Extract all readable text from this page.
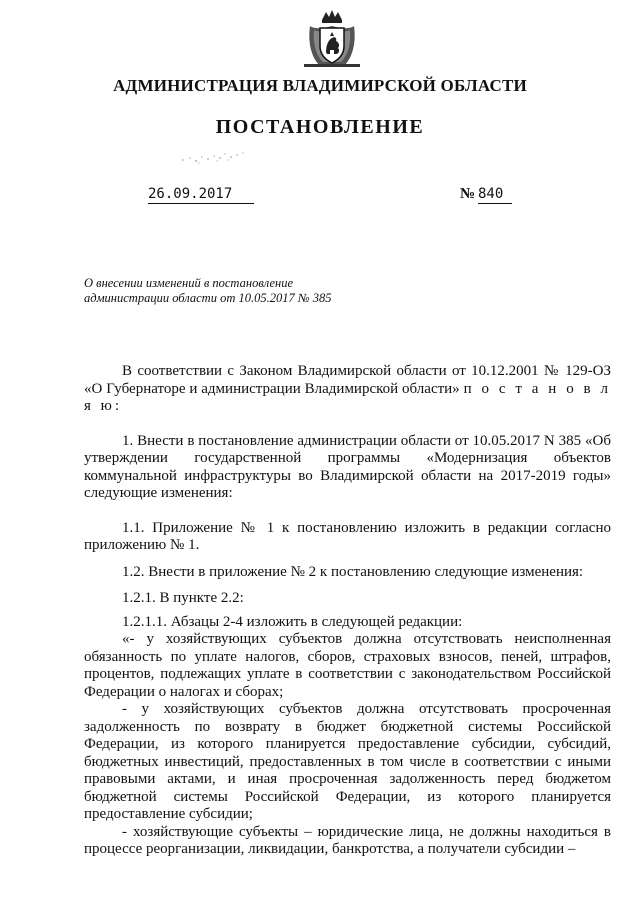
АДМИНИСТРАЦИЯ ВЛАДИМИРСКОЙ ОБЛАСТИ
ПОСТАНОВЛЕНИЕ
26.09.2017	№ 840
О внесении изменений в постановление
администрации области от 10.05.2017 № 385

В соответствии с Законом Владимирской области от 10.12.2001 № 129-ОЗ «О Губернаторе и администрации Владимирской области» п о с т а н о в л я ю:

1. Внести в постановление администрации области от 10.05.2017 N 385 «Об утверждении государственной программы «Модернизация объектов коммунальной инфраструктуры во Владимирской области на 2017-2019 годы» следующие изменения:

1.1. Приложение № 1 к постановлению изложить в редакции согласно приложению № 1.

1.2. Внести в приложение № 2 к постановлению следующие изменения:

1.2.1. В пункте 2.2:

1.2.1.1. Абзацы 2-4 изложить в следующей редакции:

«- у хозяйствующих субъектов должна отсутствовать неисполненная обязанность по уплате налогов, сборов, страховых взносов, пеней, штрафов, процентов, подлежащих уплате в соответствии с законодательством Российской Федерации о налогах и сборах;

- у хозяйствующих субъектов должна отсутствовать просроченная задолженность по возврату в бюджет бюджетной системы Российской Федерации, из которого планируется предоставление субсидии, субсидий, бюджетных инвестиций, предоставленных в том числе в соответствии с иными правовыми актами, и иная просроченная задолженность перед бюджетом бюджетной системы Российской Федерации, из которого планируется предоставление субсидии;

- хозяйствующие субъекты – юридические лица, не должны находиться в процессе реорганизации, ликвидации, банкротства, а получатели субсидии –
